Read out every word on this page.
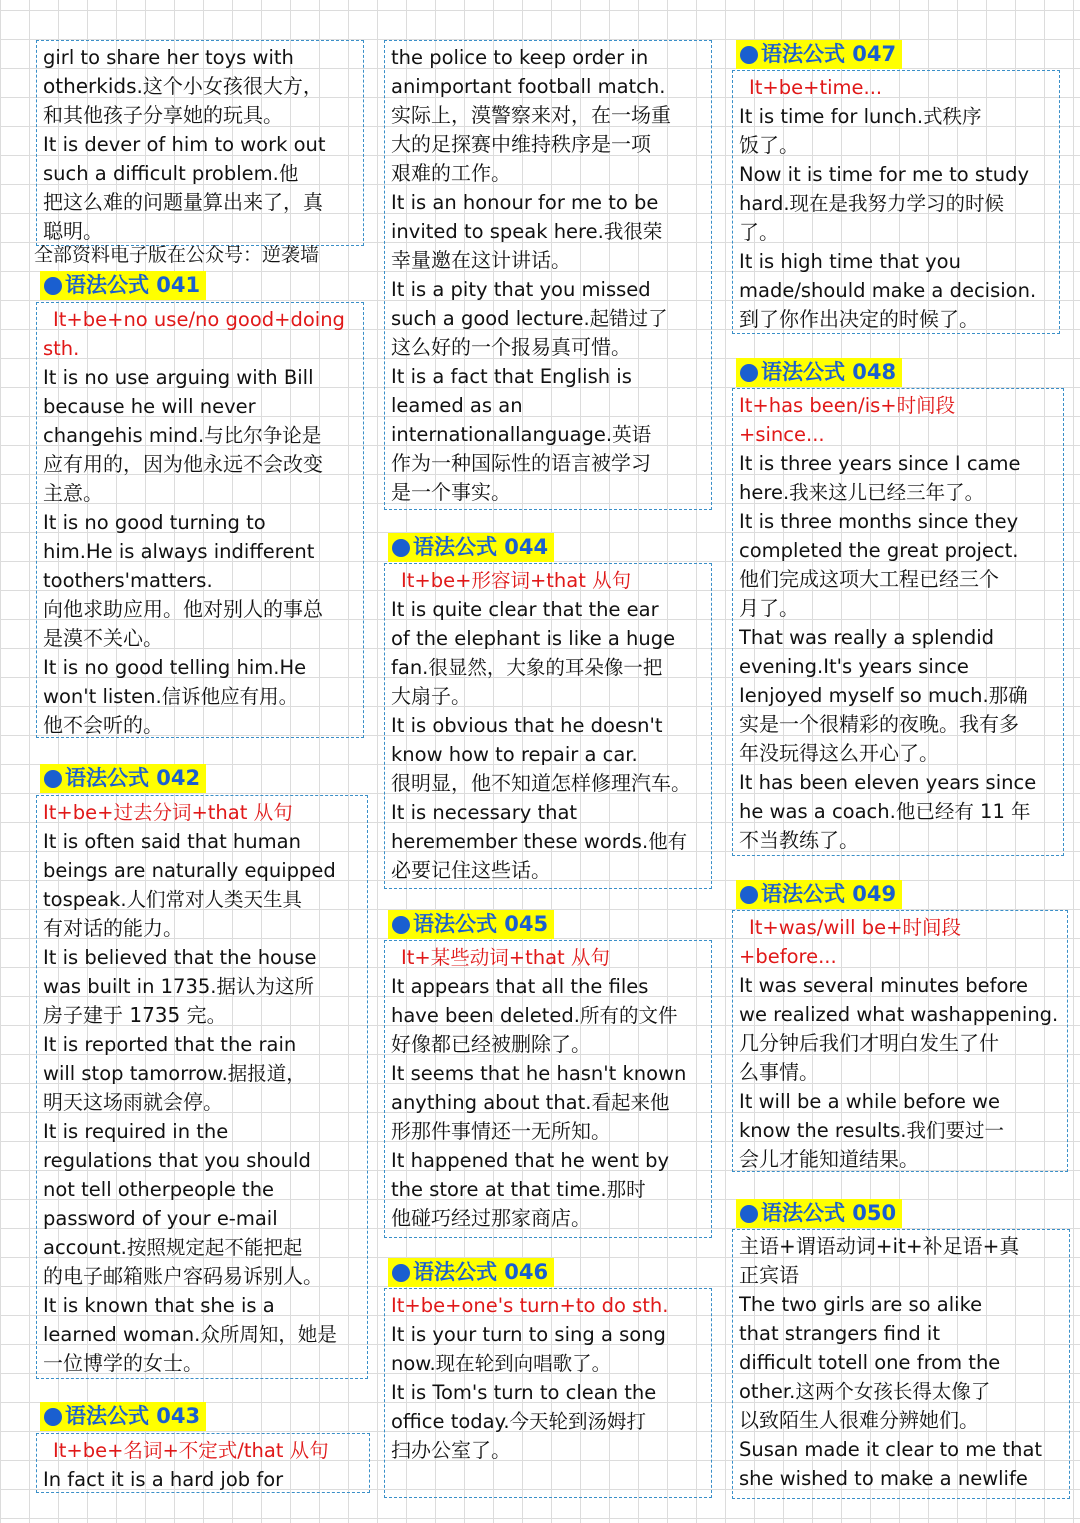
girl to share her toys with
otherkids.这个小女孩很大方，
和其他孩子分享她的玩具。
It is dever of him to work out
such a difficult problem.他
把这么难的问题量算出来了，真
聪明。
全部资料电子版在公众号：逆袭墙
语法公式 041
It+be+no use/no good+doing
sth.
It is no use arguing with Bill
because he will never
changehis mind.与比尔争论是
应有用的，因为他永远不会改变
主意。
It is no good turning to
him.He is always indifferent
toothers'matters.
向他求助应用。他对别人的事总
是漠不关心。
It is no good telling him.He
won't listen.信诉他应有用。
他不会听的。
语法公式 042
It+be+过去分词+that 从句
It is often said that human
beings are naturally equipped
tospeak.人们常对人类天生具
有对话的能力。
It is believed that the house
was built in 1735.据认为这所
房子建于 1735 完。
It is reported that the rain
will stop tamorrow.据报道，
明天这场雨就会停。
It is required in the
regulations that you should
not tell otherpeople the
password of your e-mail
account.按照规定起不能把起
的电子邮箱账户容码易诉别人。
It is known that she is a
learned woman.众所周知，她是
一位博学的女士。
语法公式 043
It+be+名词+不定式/that 从句
In fact it is a hard job for
the police to keep order in
animportant football match.
实际上，漠警察来对，在一场重
大的足探赛中维持秩序是一项
艰难的工作。
It is an honour for me to be
invited to speak here.我很荣
幸量邀在这计讲话。
It is a pity that you missed
such a good lecture.起错过了
这么好的一个报易真可惜。
It is a fact that English is
leamed as an
internationallanguage.英语
作为一种国际性的语言被学习
是一个事实。
语法公式 044
It+be+形容词+that 从句
It is quite clear that the ear
of the elephant is like a huge
fan.很显然，大象的耳朵像一把
大扇子。
It is obvious that he doesn't
know how to repair a car.
很明显，他不知道怎样修理汽车。
It is necessary that
heremember these words.他有
必要记住这些话。
语法公式 045
It+某些动词+that 从句
It appears that all the files
have been deleted.所有的文件
好像都已经被删除了。
It seems that he hasn't known
anything about that.看起来他
形那件事情还一无所知。
It happened that he went by
the store at that time.那时
他碰巧经过那家商店。
语法公式 046
It+be+one's turn+to do sth.
It is your turn to sing a song
now.现在轮到向唱歌了。
It is Tom's turn to clean the
office today.今天轮到汤姆打
扫办公室了。
语法公式 047
It+be+time...
It is time for lunch.式秩序
饭了。
Now it is time for me to study
hard.现在是我努力学习的时候
了。
It is high time that you
made/should make a decision.
到了你作出决定的时候了。
语法公式 048
It+has been/is+时间段
+since...
It is three years since I came
here.我来这儿已经三年了。
It is three months since they
completed the great project.
他们完成这项大工程已经三个
月了。
That was really a splendid
evening.It's years since
Ienjoyed myself so much.那确
实是一个很精彩的夜晚。我有多
年没玩得这么开心了。
It has been eleven years since
he was a coach.他已经有 11 年
不当教练了。
语法公式 049
It+was/will be+时间段
+before...
It was several minutes before
we realized what washappening.
几分钟后我们才明白发生了什
么事情。
It will be a while before we
know the results.我们要过一
会儿才能知道结果。
语法公式 050
主语+谓语动词+it+补足语+真
正宾语
The two girls are so alike
that strangers find it
difficult totell one from the
other.这两个女孩长得太像了
以致陌生人很难分辨她们。
Susan made it clear to me that
she wished to make a newlife
